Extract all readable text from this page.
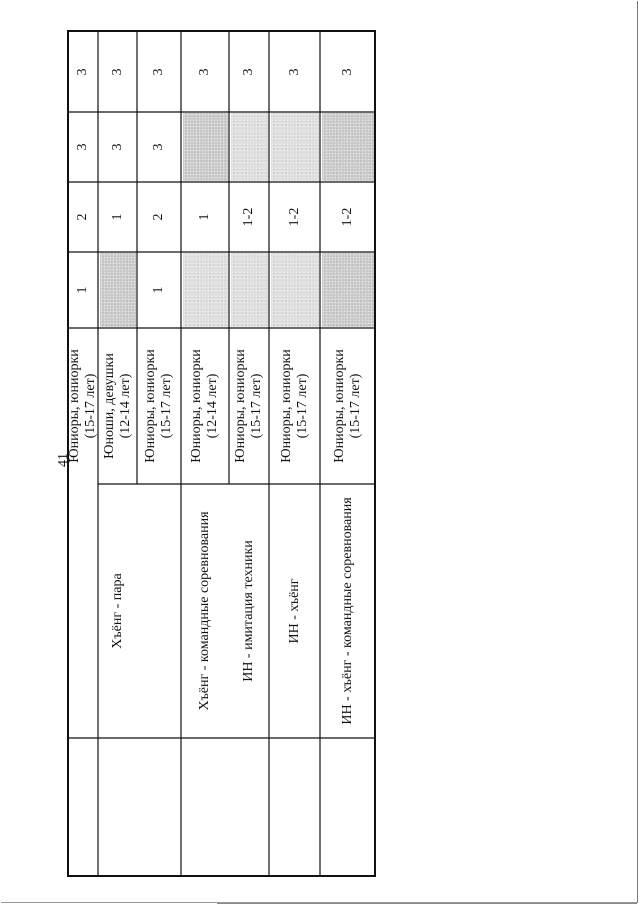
41
Хъёнг - пара
3
3
2
1
Юниоры, юниорки
(15-17 лет)
3
3
1
Юноши, девушки
(12-14 лет)
Хъёнг - командные соревнования
3
3
2
1
Юниоры, юниорки
(15-17 лет)
3
1
Юниоры, юниорки
(12-14 лет)
ИН - имитация техники
3
1-2
Юниоры, юниорки
(15-17 лет)
ИН - хъёнг
3
1-2
Юниоры, юниорки
(15-17 лет)
ИН - хъёнг - командные соревнования
3
1-2
Юниоры, юниорки
(15-17 лет)
